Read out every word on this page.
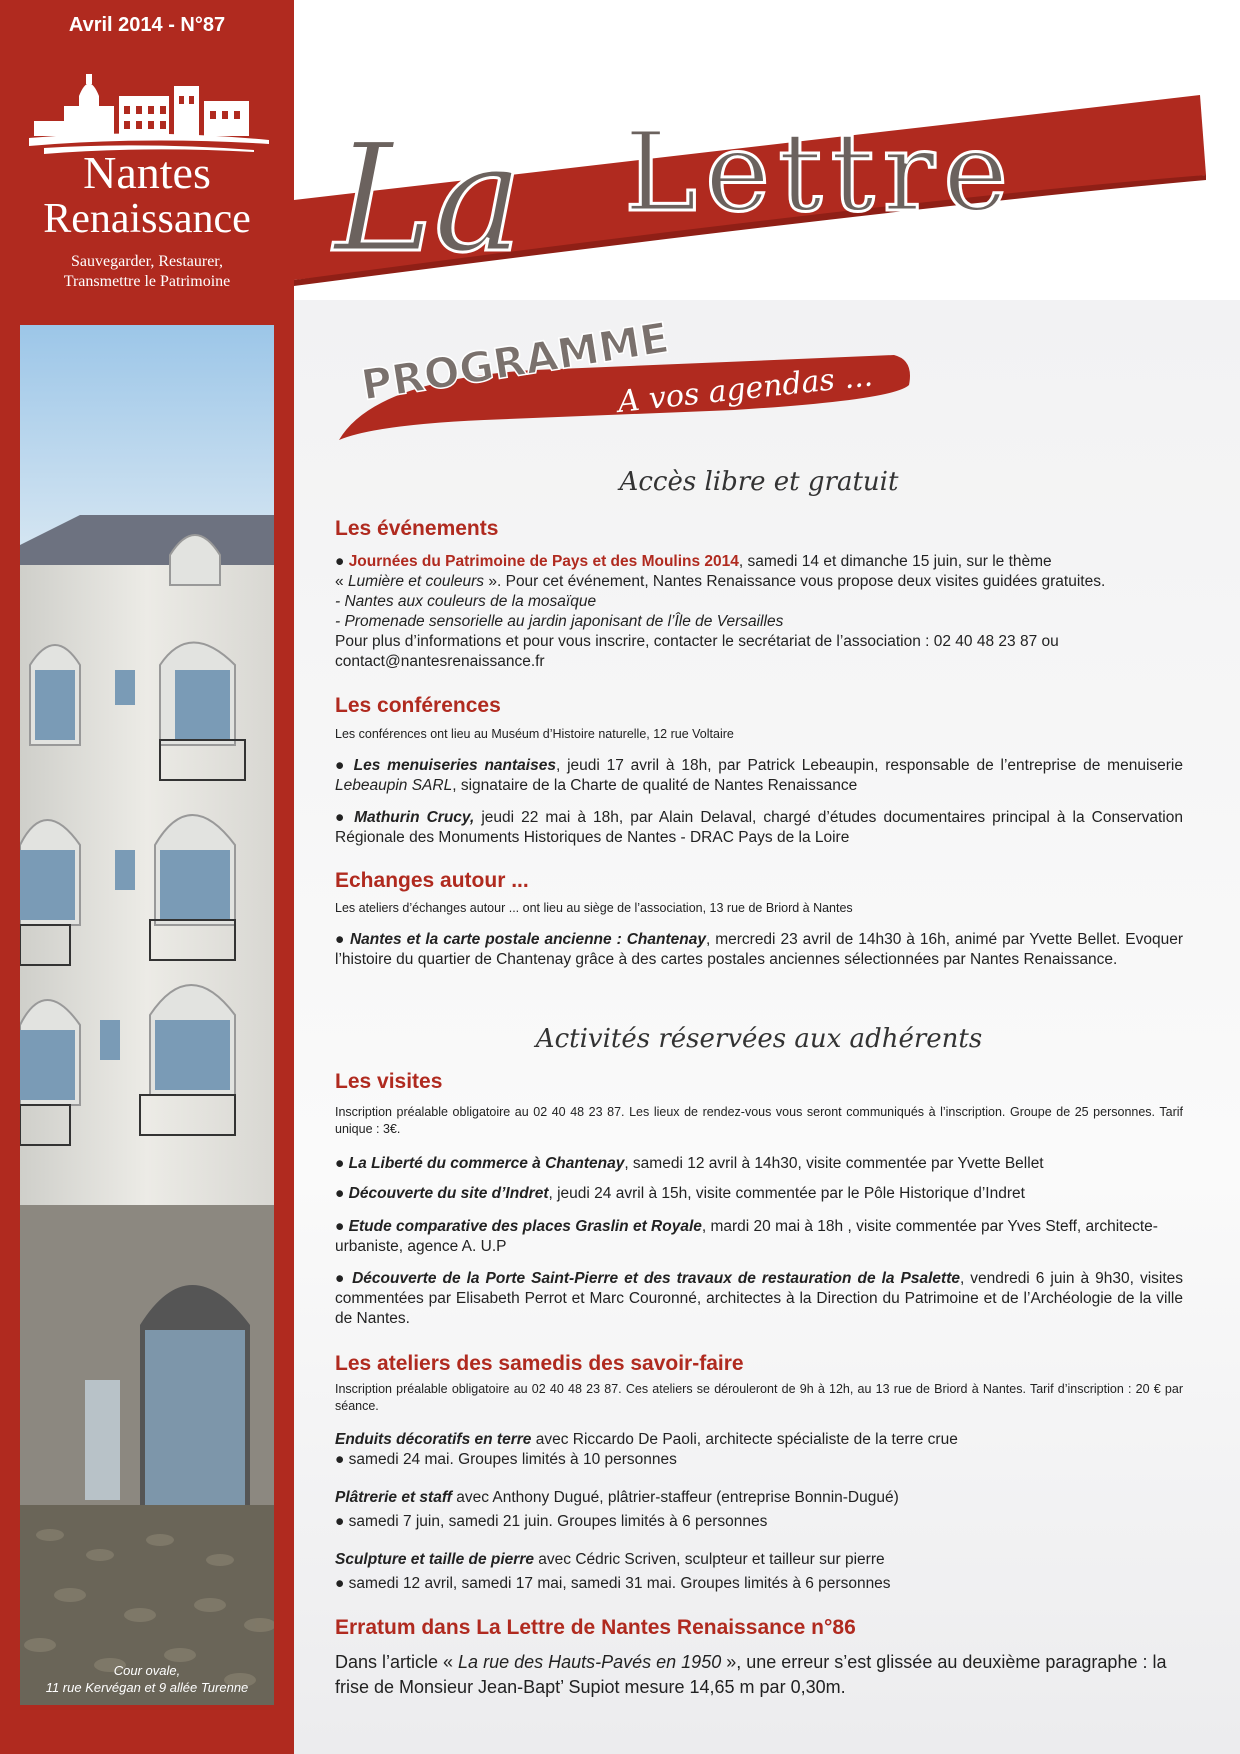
Avril 2014 - N°87
Nantes
Renaissance
Sauvegarder, Restaurer,
Transmettre le Patrimoine
Cour ovale,
11 rue Kervégan et 9 allée Turenne
La Lettre
PROGRAMME
A vos agendas ...
Accès libre et gratuit
Les événements
● Journées du Patrimoine de Pays et des Moulins 2014, samedi 14 et dimanche 15 juin, sur le thème
« Lumière et couleurs ». Pour cet événement, Nantes Renaissance vous propose deux visites guidées gratuites.
- Nantes aux couleurs de la mosaïque
- Promenade sensorielle au jardin japonisant de l’Île de Versailles
Pour plus d’informations et pour vous inscrire, contacter le secrétariat de l’association : 02 40 48 23 87 ou contact@nantesrenaissance.fr
Les conférences
Les conférences ont lieu au Muséum d’Histoire naturelle, 12 rue Voltaire
● Les menuiseries nantaises, jeudi 17 avril à 18h, par Patrick Lebeaupin, responsable de l’entreprise de menuiserie Lebeaupin SARL, signataire de la Charte de qualité de Nantes Renaissance
● Mathurin Crucy, jeudi 22 mai à 18h, par Alain Delaval, chargé d’études documentaires principal à la Conservation Régionale des Monuments Historiques de Nantes - DRAC Pays de la Loire
Echanges autour ...
Les ateliers d’échanges autour ... ont lieu au siège de l’association, 13 rue de Briord à Nantes
● Nantes et la carte postale ancienne : Chantenay, mercredi 23 avril de 14h30 à 16h, animé par Yvette Bellet. Evoquer l’histoire du quartier de Chantenay grâce à des cartes postales anciennes sélectionnées par Nantes Renaissance.
Activités réservées aux adhérents
Les visites
Inscription préalable obligatoire au 02 40 48 23 87. Les lieux de rendez-vous vous seront communiqués à l’inscription. Groupe de 25 personnes. Tarif unique : 3€.
● La Liberté du commerce à Chantenay, samedi 12 avril à 14h30, visite commentée par Yvette Bellet
● Découverte du site d’Indret, jeudi 24 avril à 15h, visite commentée par le Pôle Historique d’Indret
● Etude comparative des places Graslin et Royale, mardi 20 mai à 18h , visite commentée par Yves Steff, architecte-urbaniste, agence A. U.P
● Découverte de la Porte Saint-Pierre et des travaux de restauration de la Psalette, vendredi 6 juin à 9h30, visites commentées par Elisabeth Perrot et Marc Couronné, architectes à la Direction du Patrimoine et de l’Archéologie de la ville de Nantes.
Les ateliers des samedis des savoir-faire
Inscription préalable obligatoire au 02 40 48 23 87. Ces ateliers se dérouleront de 9h à 12h, au 13 rue de Briord à Nantes. Tarif d’inscription : 20 € par séance.
Enduits décoratifs en terre avec Riccardo De Paoli, architecte spécialiste de la terre crue
● samedi 24 mai. Groupes limités à 10 personnes
Plâtrerie et staff avec Anthony Dugué, plâtrier-staffeur (entreprise Bonnin-Dugué)
● samedi 7 juin, samedi 21 juin. Groupes limités à 6 personnes
Sculpture et taille de pierre avec Cédric Scriven, sculpteur et tailleur sur pierre
● samedi 12 avril, samedi 17 mai, samedi 31 mai. Groupes limités à 6 personnes
Erratum dans La Lettre de Nantes Renaissance n°86
Dans l’article « La rue des Hauts-Pavés en 1950 », une erreur s’est glissée au deuxième paragraphe : la frise de Monsieur Jean-Bapt’ Supiot mesure 14,65 m par 0,30m.
